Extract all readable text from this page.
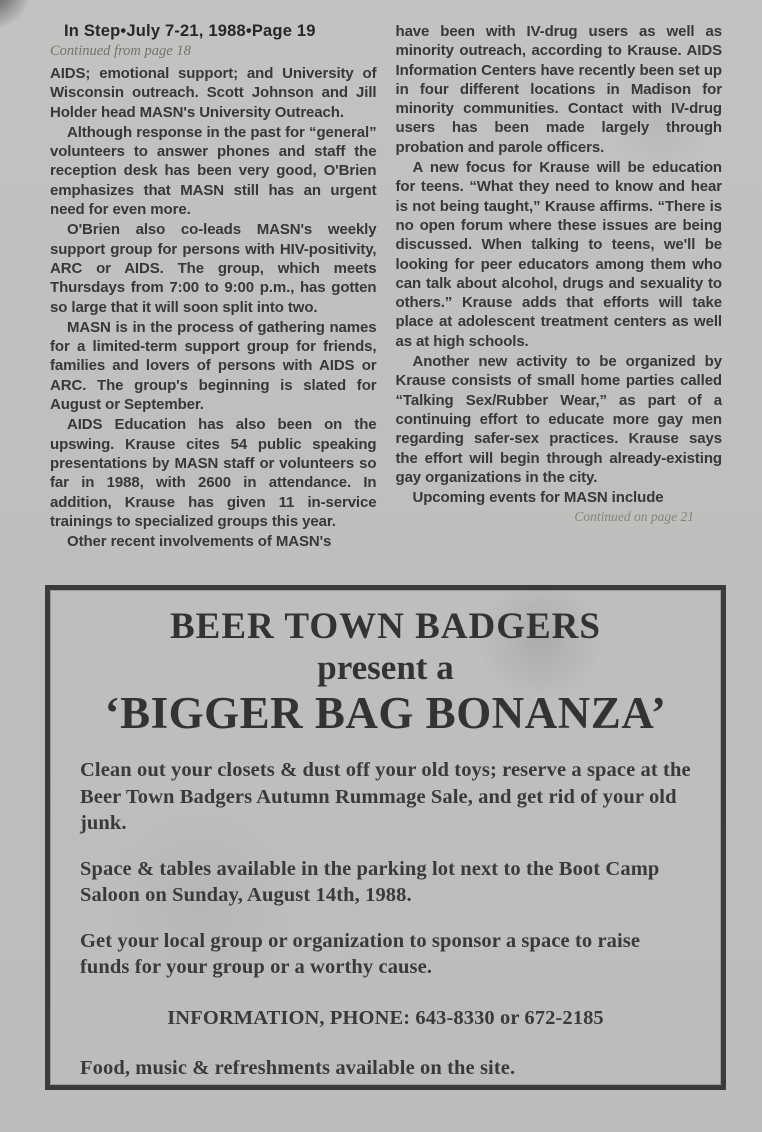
In Step•July 7-21, 1988•Page 19
Continued from page 18

AIDS; emotional support; and University of Wisconsin outreach. Scott Johnson and Jill Holder head MASN's University Outreach.

Although response in the past for “general” volunteers to answer phones and staff the reception desk has been very good, O'Brien emphasizes that MASN still has an urgent need for even more.

O'Brien also co-leads MASN's weekly support group for persons with HIV-positivity, ARC or AIDS. The group, which meets Thursdays from 7:00 to 9:00 p.m., has gotten so large that it will soon split into two.

MASN is in the process of gathering names for a limited-term support group for friends, families and lovers of persons with AIDS or ARC. The group's beginning is slated for August or September.

AIDS Education has also been on the upswing. Krause cites 54 public speaking presentations by MASN staff or volunteers so far in 1988, with 2600 in attendance. In addition, Krause has given 11 in-service trainings to specialized groups this year.

Other recent involvements of MASN's

have been with IV-drug users as well as minority outreach, according to Krause. AIDS Information Centers have recently been set up in four different locations in Madison for minority communities. Contact with IV-drug users has been made largely through probation and parole officers.

A new focus for Krause will be education for teens. “What they need to know and hear is not being taught,” Krause affirms. “There is no open forum where these issues are being discussed. When talking to teens, we'll be looking for peer educators among them who can talk about alcohol, drugs and sexuality to others.” Krause adds that efforts will take place at adolescent treatment centers as well as at high schools.

Another new activity to be organized by Krause consists of small home parties called “Talking Sex/Rubber Wear,” as part of a continuing effort to educate more gay men regarding safer-sex practices. Krause says the effort will begin through already-existing gay organizations in the city.

Upcoming events for MASN include

Continued on page 21
BEER TOWN BADGERS
present a
‘BIGGER BAG BONANZA’

Clean out your closets & dust off your old toys; reserve a space at the Beer Town Badgers Autumn Rummage Sale, and get rid of your old junk.

Space & tables available in the parking lot next to the Boot Camp Saloon on Sunday, August 14th, 1988.

Get your local group or organization to sponsor a space to raise funds for your group or a worthy cause.

INFORMATION, PHONE: 643-8330 or 672-2185

Food, music & refreshments available on the site.
